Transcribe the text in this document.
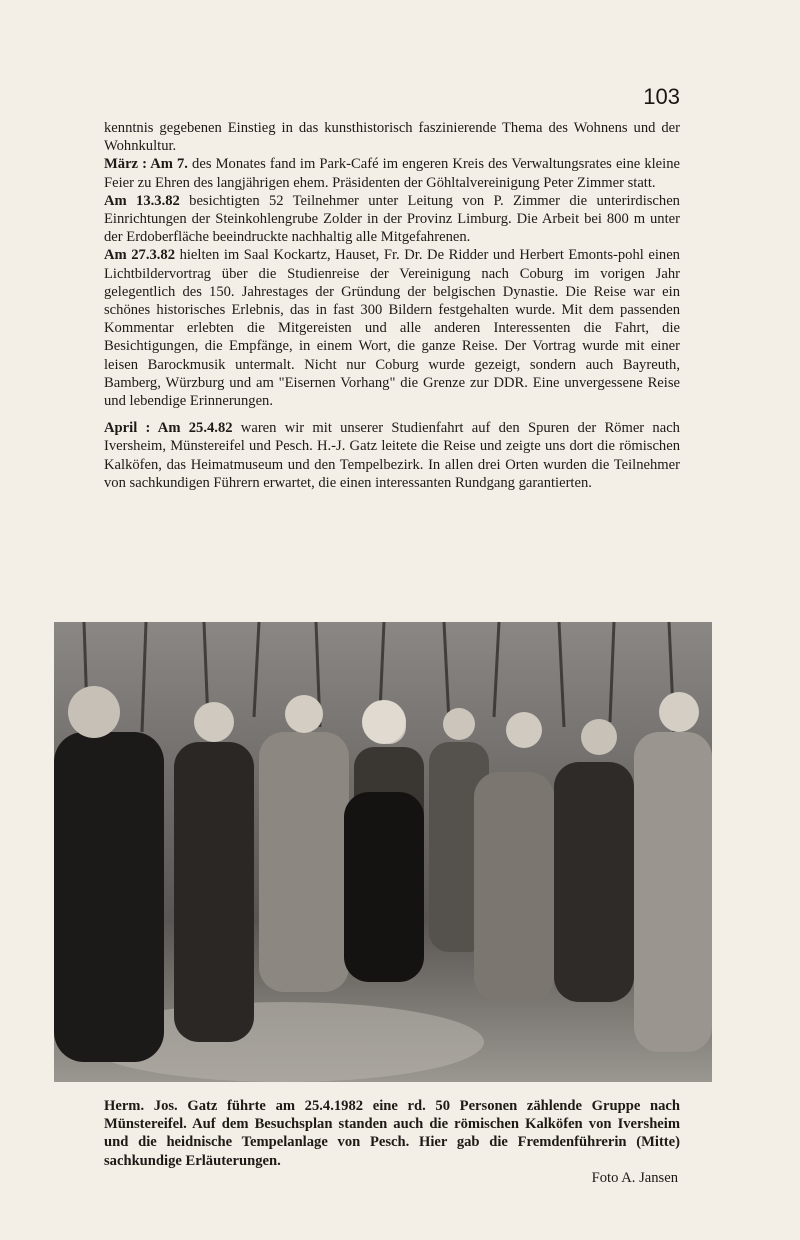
103

kenntnis gegebenen Einstieg in das kunsthistorisch faszinierende Thema des Wohnens und der Wohnkultur.

März : Am 7. des Monates fand im Park-Café im engeren Kreis des Verwaltungsrates eine kleine Feier zu Ehren des langjährigen ehem. Präsidenten der Göhltalvereinigung Peter Zimmer statt.

Am 13.3.82 besichtigten 52 Teilnehmer unter Leitung von P. Zimmer die unterirdischen Einrichtungen der Steinkohlengrube Zolder in der Provinz Limburg. Die Arbeit bei 800 m unter der Erdoberfläche beeindruckte nachhaltig alle Mitgefahrenen.

Am 27.3.82 hielten im Saal Kockartz, Hauset, Fr. Dr. De Ridder und Herbert Emonts-pohl einen Lichtbildervortrag über die Studienreise der Vereinigung nach Coburg im vorigen Jahr gelegentlich des 150. Jahrestages der Gründung der belgischen Dynastie. Die Reise war ein schönes historisches Erlebnis, das in fast 300 Bildern festgehalten wurde. Mit dem passenden Kommentar erlebten die Mitgereisten und alle anderen Interessenten die Fahrt, die Besichtigungen, die Empfänge, in einem Wort, die ganze Reise. Der Vortrag wurde mit einer leisen Barockmusik untermalt. Nicht nur Coburg wurde gezeigt, sondern auch Bayreuth, Bamberg, Würzburg und am "Eisernen Vorhang" die Grenze zur DDR. Eine unvergessene Reise und lebendige Erinnerungen.

April : Am 25.4.82 waren wir mit unserer Studienfahrt auf den Spuren der Römer nach Iversheim, Münstereifel und Pesch. H.-J. Gatz leitete die Reise und zeigte uns dort die römischen Kalköfen, das Heimatmuseum und den Tempelbezirk. In allen drei Orten wurden die Teilnehmer von sachkundigen Führern erwartet, die einen interessanten Rundgang garantierten.

Herm. Jos. Gatz führte am 25.4.1982 eine rd. 50 Personen zählende Gruppe nach Münstereifel. Auf dem Besuchsplan standen auch die römischen Kalköfen von Iversheim und die heidnische Tempelanlage von Pesch. Hier gab die Fremdenführerin (Mitte) sachkundige Erläuterungen.
Foto A. Jansen
